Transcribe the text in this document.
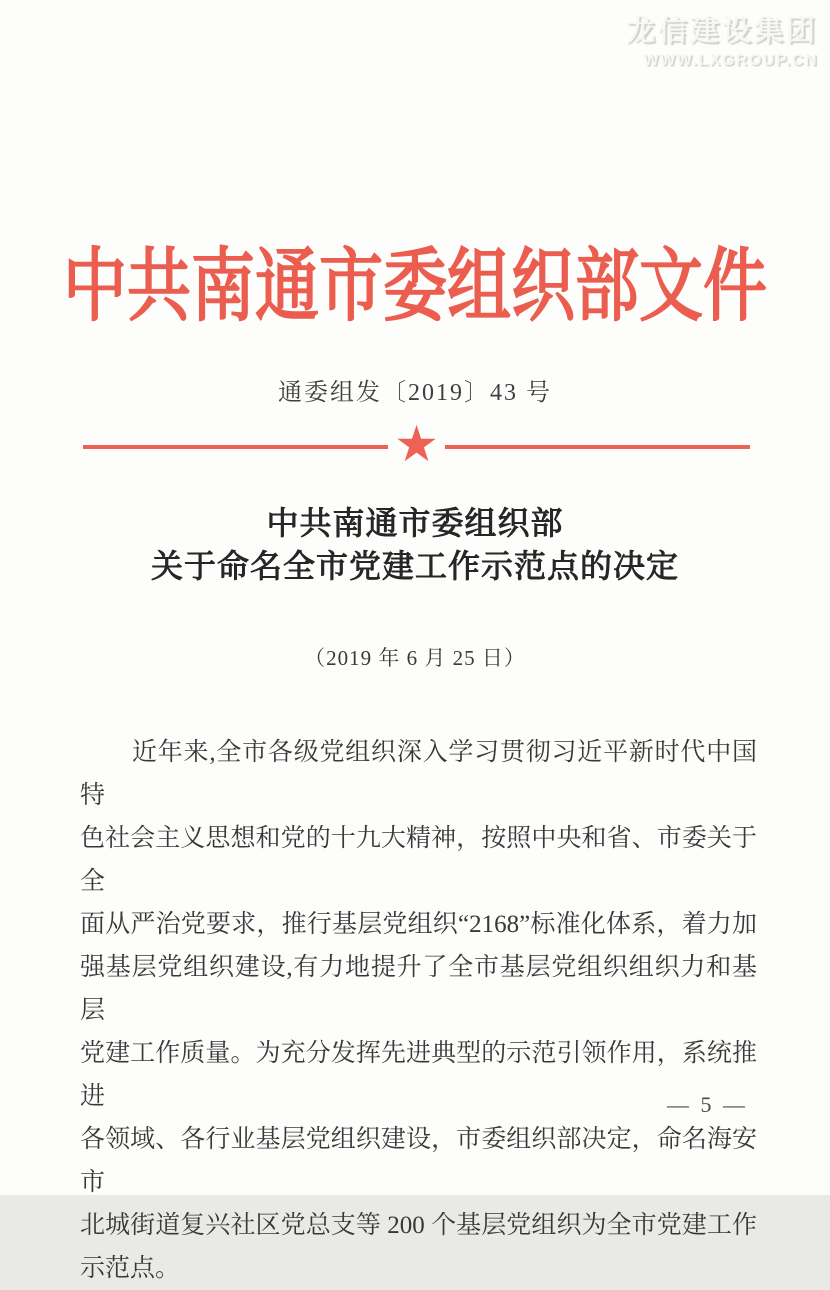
龙信建设集团
WWW.LXGROUP.CN
中共南通市委组织部文件
通委组发〔2019〕43 号
★
中共南通市委组织部
关于命名全市党建工作示范点的决定
（2019 年 6 月 25 日）
近年来,全市各级党组织深入学习贯彻习近平新时代中国特
色社会主义思想和党的十九大精神，按照中央和省、市委关于全
面从严治党要求，推行基层党组织“2168”标准化体系，着力加
强基层党组织建设,有力地提升了全市基层党组织组织力和基层
党建工作质量。为充分发挥先进典型的示范引领作用，系统推进
各领域、各行业基层党组织建设，市委组织部决定，命名海安市
北城街道复兴社区党总支等 200 个基层党组织为全市党建工作
示范点。
— 5 —
